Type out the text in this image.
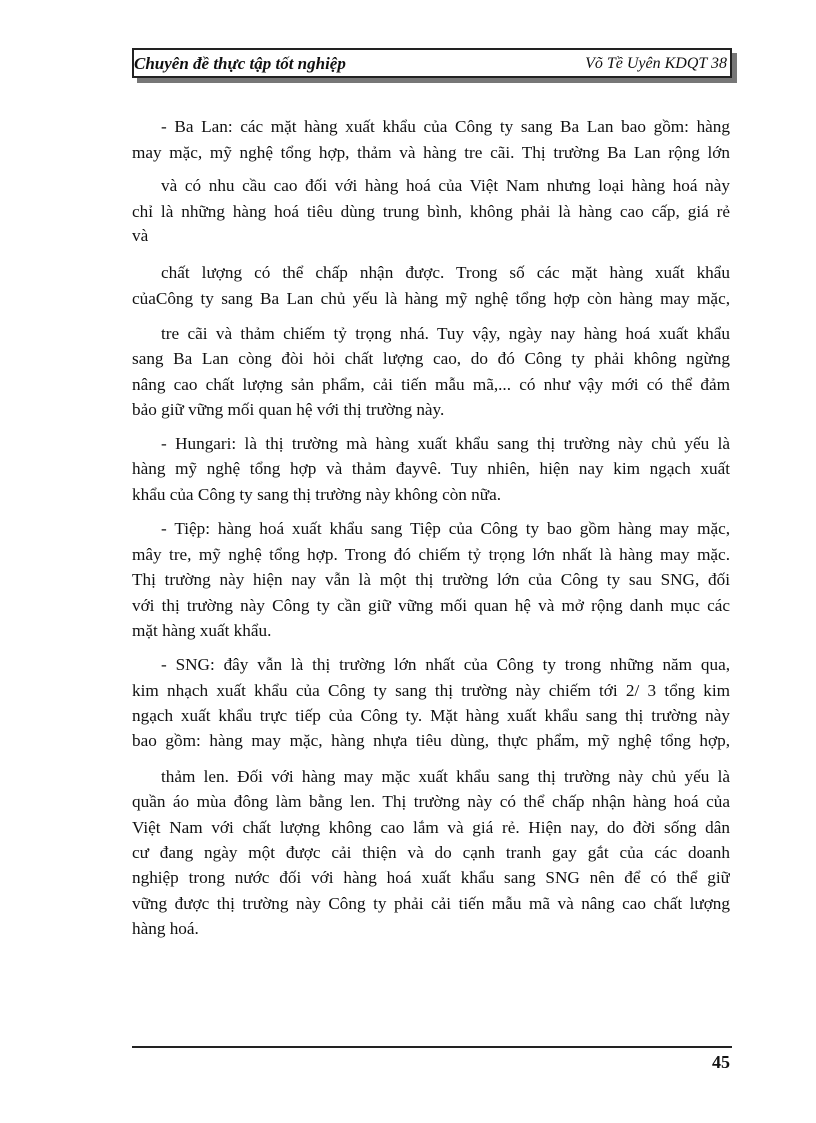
Chuyên đề thực tập tốt nghiệp	Võ Tề Uyên KDQT 38
- Ba Lan: các mặt hàng xuất khẩu của Công ty sang Ba Lan bao gồm: hàng
may mặc, mỹ nghệ tổng hợp, thảm và hàng tre cãi. Thị trường Ba Lan rộng lớn
và có nhu cầu cao đối với hàng hoá của Việt Nam nhưng loại hàng hoá này
chỉ là những hàng hoá tiêu dùng trung bình, không phải là hàng cao cấp, giá rẻ
và
chất lượng có thể chấp nhận được. Trong số các mặt hàng xuất khẩu
củaCông ty sang Ba Lan chủ yếu là hàng mỹ nghệ tổng hợp còn hàng may mặc,
tre cãi và thảm chiếm tỷ trọng nhá. Tuy vậy, ngày nay hàng hoá xuất khẩu
sang Ba Lan còng đòi hỏi chất lượng cao, do đó Công ty phải không ngừng
nâng cao chất lượng sản phẩm, cải tiến mẫu mã,... có như vậy mới có thể đảm
bảo giữ vững mối quan hệ với thị trường này.
- Hungari: là thị trường mà hàng xuất khẩu sang thị trường này chủ yếu là
hàng mỹ nghệ tổng hợp và thảm đayvê. Tuy nhiên, hiện nay kim ngạch xuất
khẩu của Công ty sang thị trường này không còn nữa.
- Tiệp: hàng hoá xuất khẩu sang Tiệp của Công ty bao gồm hàng may mặc,
mây tre, mỹ nghệ tổng hợp. Trong đó chiếm tỷ trọng lớn nhất là hàng may mặc.
Thị trường này hiện nay vẫn là một thị trường lớn của Công ty sau SNG, đối
với thị trường này Công ty cần giữ vững mối quan hệ và mở rộng danh mục các
mặt hàng xuất khẩu.
- SNG: đây vẫn là thị trường lớn nhất của Công ty trong những năm qua,
kim nhạch xuất khẩu của Công ty sang thị trường này chiếm tới 2/ 3 tổng kim
ngạch xuất khẩu trực tiếp của Công ty. Mặt hàng xuất khẩu sang thị trường này
bao gồm: hàng may mặc, hàng nhựa tiêu dùng, thực phẩm, mỹ nghệ tổng hợp,
thảm len. Đối với hàng may mặc xuất khẩu sang thị trường này chủ yếu là
quần áo mùa đông làm bằng len. Thị trường này có thể chấp nhận hàng hoá của
Việt Nam với chất lượng không cao lắm và giá rẻ. Hiện nay, do đời sống dân
cư đang ngày một được cải thiện và do cạnh tranh gay gắt của các doanh
nghiệp trong nước đối với hàng hoá xuất khẩu sang SNG nên để có thể giữ
vững được thị trường này Công ty phải cải tiến mẫu mã và nâng cao chất lượng
hàng hoá.
45
